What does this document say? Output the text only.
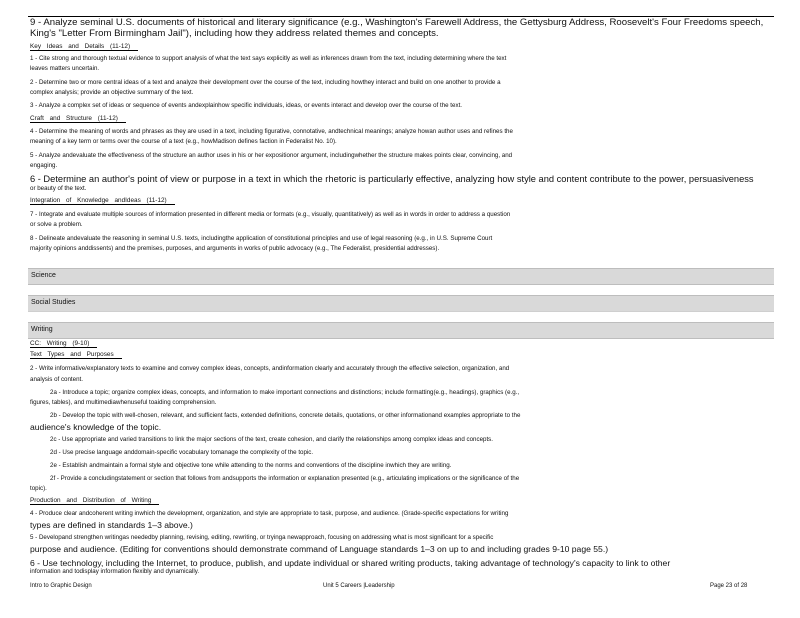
9 - Analyze seminal U.S. documents of historical and literary significance (e.g., Washington's Farewell Address, the Gettysburg Address, Roosevelt's Four Freedoms speech, King's "Letter From Birmingham Jail"), including how they address related themes and concepts.
Key Ideas and Details (11-12)
1 - Cite strong and thorough textual evidence to support analysis of what the text says explicitly as well as inferences drawn from the text, including determining where the text
leaves matters uncertain.
2 - Determine two or more central ideas of a text and analyze their development over the course of the text, including howthey interact and build on one another to provide a
complex analysis; provide an objective summary of the text.
3 - Analyze a complex set of ideas or sequence of events andexplainhow specific individuals, ideas, or events interact and develop over the course of the text.
Craft and Structure (11-12)
4 - Determine the meaning of words and phrases as they are used in a text, including figurative, connotative, andtechnical meanings; analyze howan author uses and refines the
meaning of a key term or terms over the course of a text (e.g., howMadison defines faction in Federalist No. 10).
5 - Analyze andevaluate the effectiveness of the structure an author uses in his or her expositionor argument, includingwhether the structure makes points clear, convincing, and
engaging.
6 - Determine an author's point of view or purpose in a text in which the rhetoric is particularly effective, analyzing how style and content contribute to the power, persuasiveness
or beauty of the text.
Integration of Knowledge andIdeas (11-12)
7 - Integrate and evaluate multiple sources of information presented in different media or formats (e.g., visually, quantitatively) as well as in words in order to address a question
or solve a problem.
8 - Delineate andevaluate the reasoning in seminal U.S. texts, includingthe application of constitutional principles and use of legal reasoning (e.g., in U.S. Supreme Court
majority opinions anddissents) and the premises, purposes, and arguments in works of public advocacy (e.g., The Federalist, presidential addresses).
Science
Social Studies
Writing
CC: Writing (9-10)
Text Types and Purposes
2 - Write informative/explanatory texts to examine and convey complex ideas, concepts, andinformation clearly and accurately through the effective selection, organization, and
analysis of content.
2a - Introduce a topic; organize complex ideas, concepts, and information to make important connections and distinctions; include formatting(e.g., headings), graphics (e.g.,
figures, tables), and multimediawhenuseful toaiding comprehension.
2b - Develop the topic with well-chosen, relevant, and sufficient facts, extended definitions, concrete details, quotations, or other informationand examples appropriate to the
audience's knowledge of the topic.
2c - Use appropriate and varied transitions to link the major sections of the text, create cohesion, and clarify the relationships among complex ideas and concepts.
2d - Use precise language anddomain-specific vocabulary tomanage the complexity of the topic.
2e - Establish andmaintain a formal style and objective tone while attending to the norms and conventions of the discipline inwhich they are writing.
2f - Provide a concludingstatement or section that follows from andsupports the information or explanation presented (e.g., articulating implications or the significance of the
topic).
Production and Distribution of Writing
4 - Produce clear andcoherent writing inwhich the development, organization, and style are appropriate to task, purpose, and audience. (Grade-specific expectations for writing
types are defined in standards 1–3 above.)
5 - Developand strengthen writingas neededby planning, revising, editing, rewriting, or tryinga newapproach, focusing on addressing what is most significant for a specific
purpose and audience. (Editing for conventions should demonstrate command of Language standards 1–3 on up to and including grades 9-10 page 55.)
6 - Use technology, including the Internet, to produce, publish, and update individual or shared writing products, taking advantage of technology's capacity to link to other
information and todisplay information flexibly and dynamically.
Intro to Graphic Design	Unit 5 Careers |Leadership	Page 23 of 28
